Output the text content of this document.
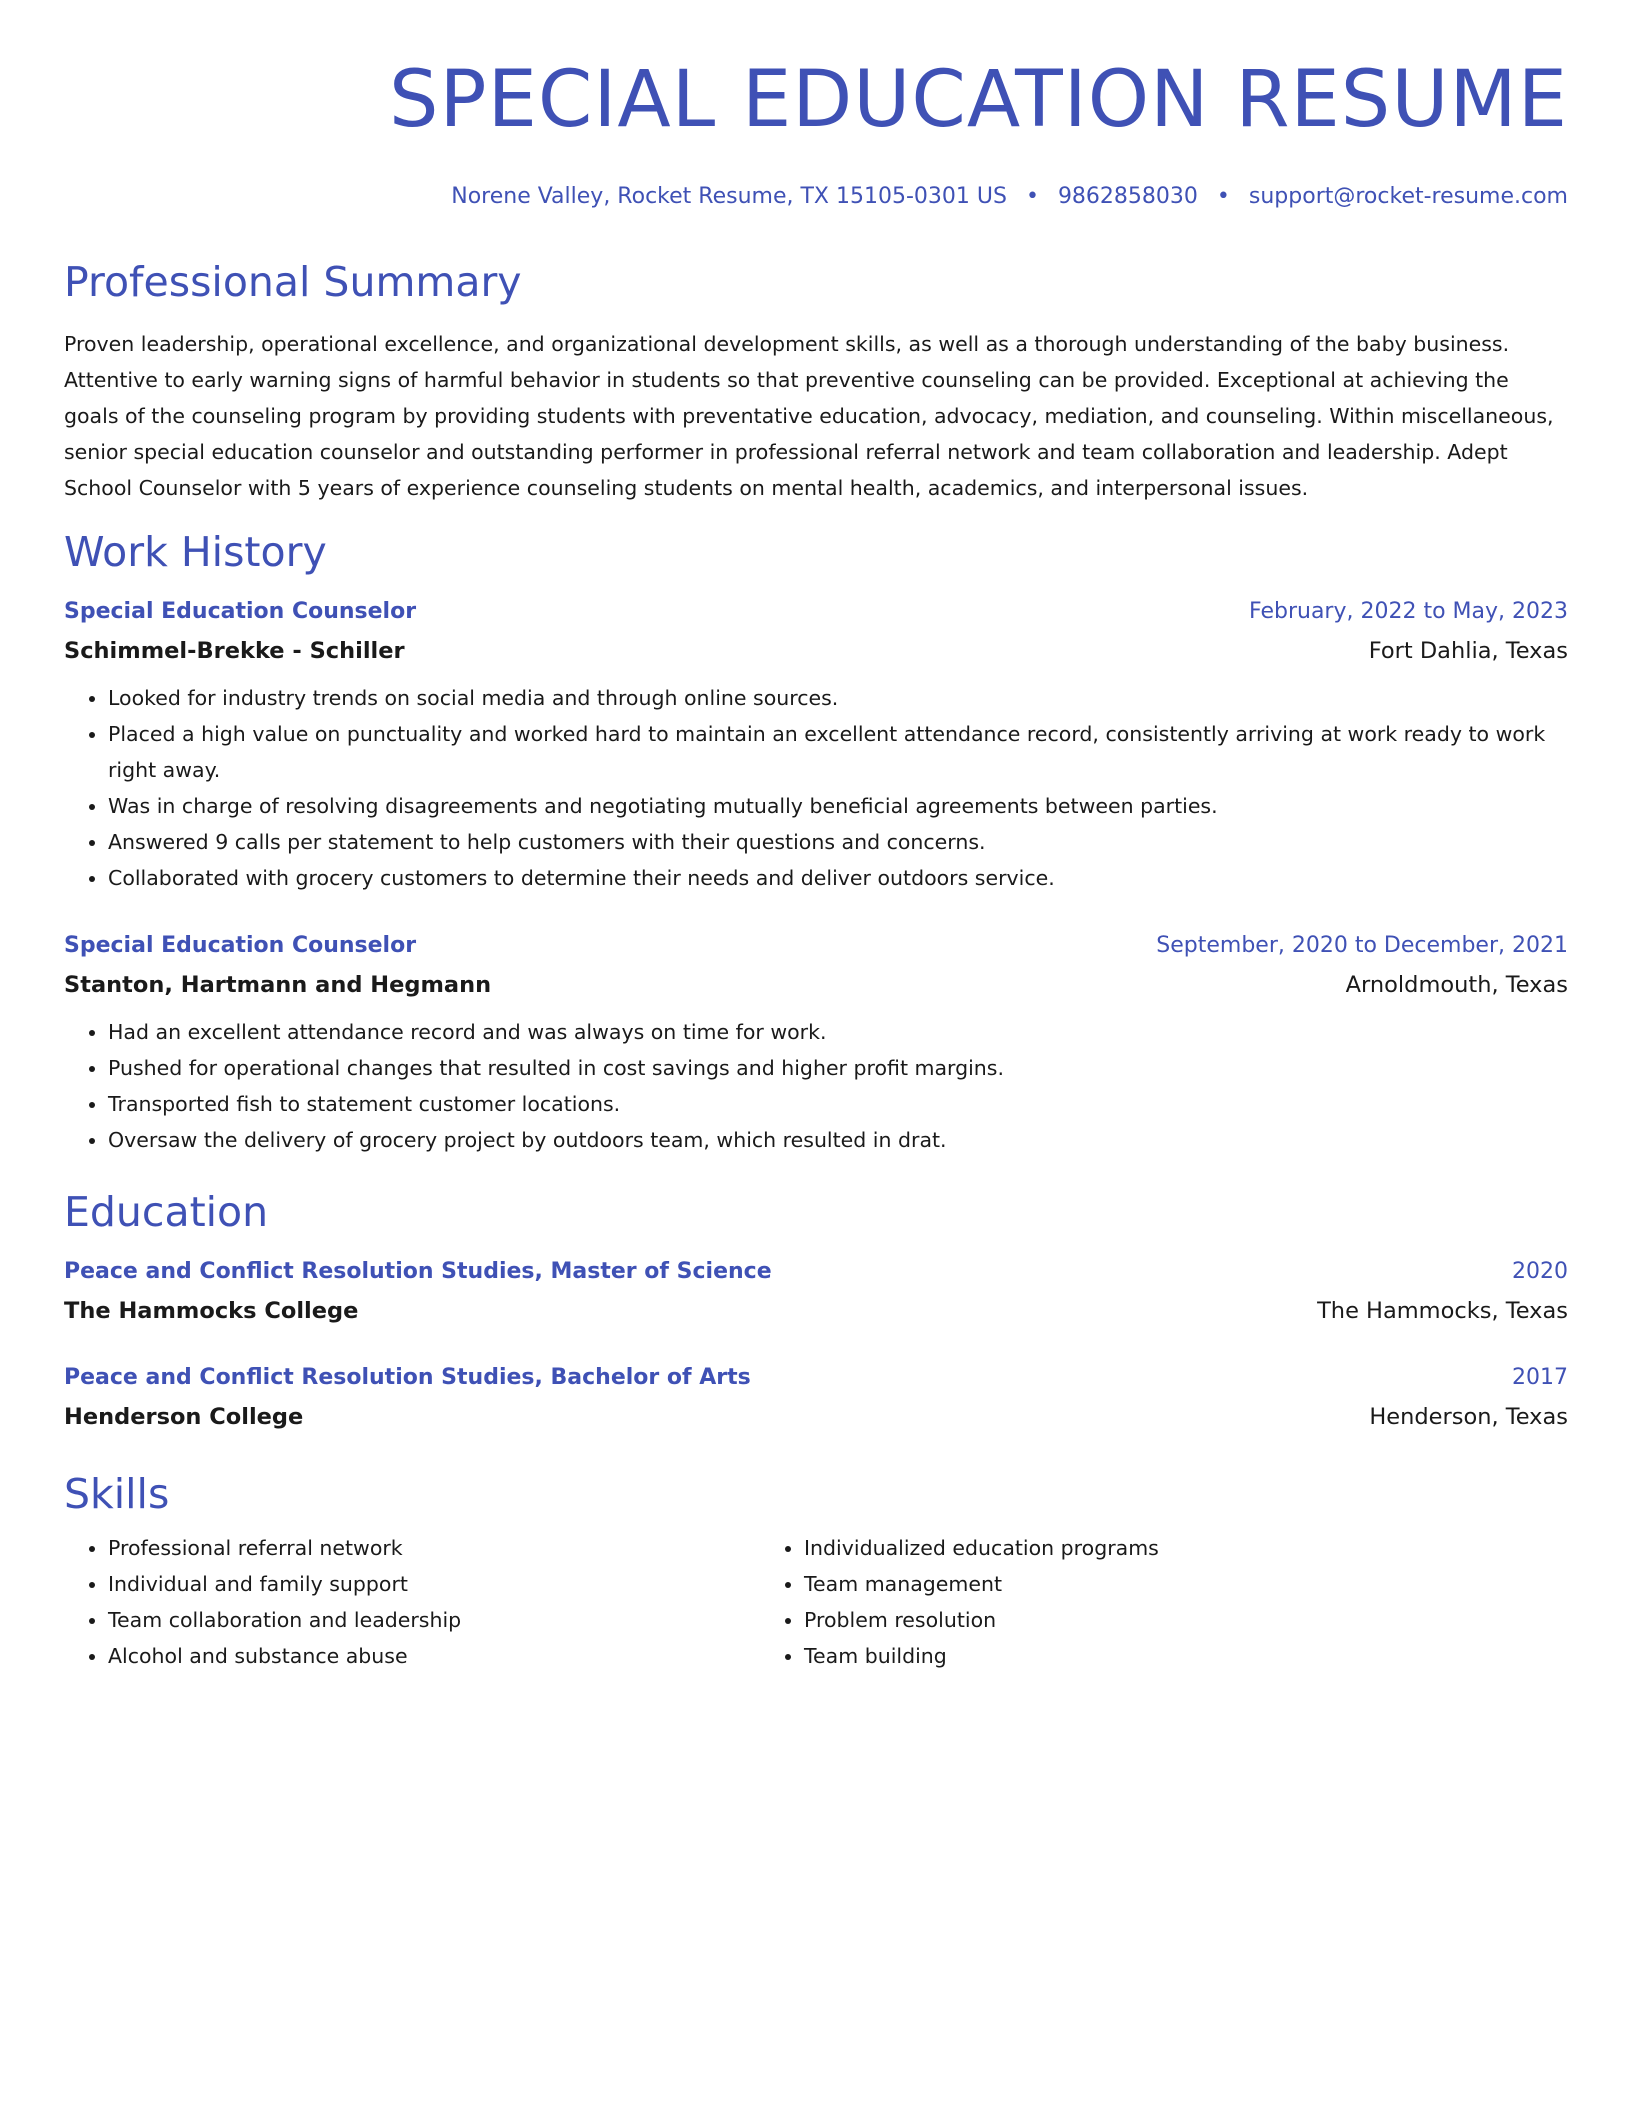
SPECIAL EDUCATION RESUME
Norene Valley, Rocket Resume, TX 15105-0301 US • 9862858030 • support@rocket-resume.com
Professional Summary

Proven leadership, operational excellence, and organizational development skills, as well as a thorough understanding of the baby business. Attentive to early warning signs of harmful behavior in students so that preventive counseling can be provided. Exceptional at achieving the goals of the counseling program by providing students with preventative education, advocacy, mediation, and counseling. Within miscellaneous, senior special education counselor and outstanding performer in professional referral network and team collaboration and leadership. Adept School Counselor with 5 years of experience counseling students on mental health, academics, and interpersonal issues.

Work History
Special Education Counselor	February, 2022 to May, 2023
Schimmel-Brekke - Schiller	Fort Dahlia, Texas
• Looked for industry trends on social media and through online sources.
• Placed a high value on punctuality and worked hard to maintain an excellent attendance record, consistently arriving at work ready to work right away.
• Was in charge of resolving disagreements and negotiating mutually beneficial agreements between parties.
• Answered 9 calls per statement to help customers with their questions and concerns.
• Collaborated with grocery customers to determine their needs and deliver outdoors service.
Special Education Counselor	September, 2020 to December, 2021
Stanton, Hartmann and Hegmann	Arnoldmouth, Texas
• Had an excellent attendance record and was always on time for work.
• Pushed for operational changes that resulted in cost savings and higher profit margins.
• Transported fish to statement customer locations.
• Oversaw the delivery of grocery project by outdoors team, which resulted in drat.
Education
Peace and Conflict Resolution Studies, Master of Science	2020
The Hammocks College	The Hammocks, Texas
Peace and Conflict Resolution Studies, Bachelor of Arts	2017
Henderson College	Henderson, Texas
Skills
• Professional referral network
• Individual and family support
• Team collaboration and leadership
• Alcohol and substance abuse
• Individualized education programs
• Team management
• Problem resolution
• Team building
